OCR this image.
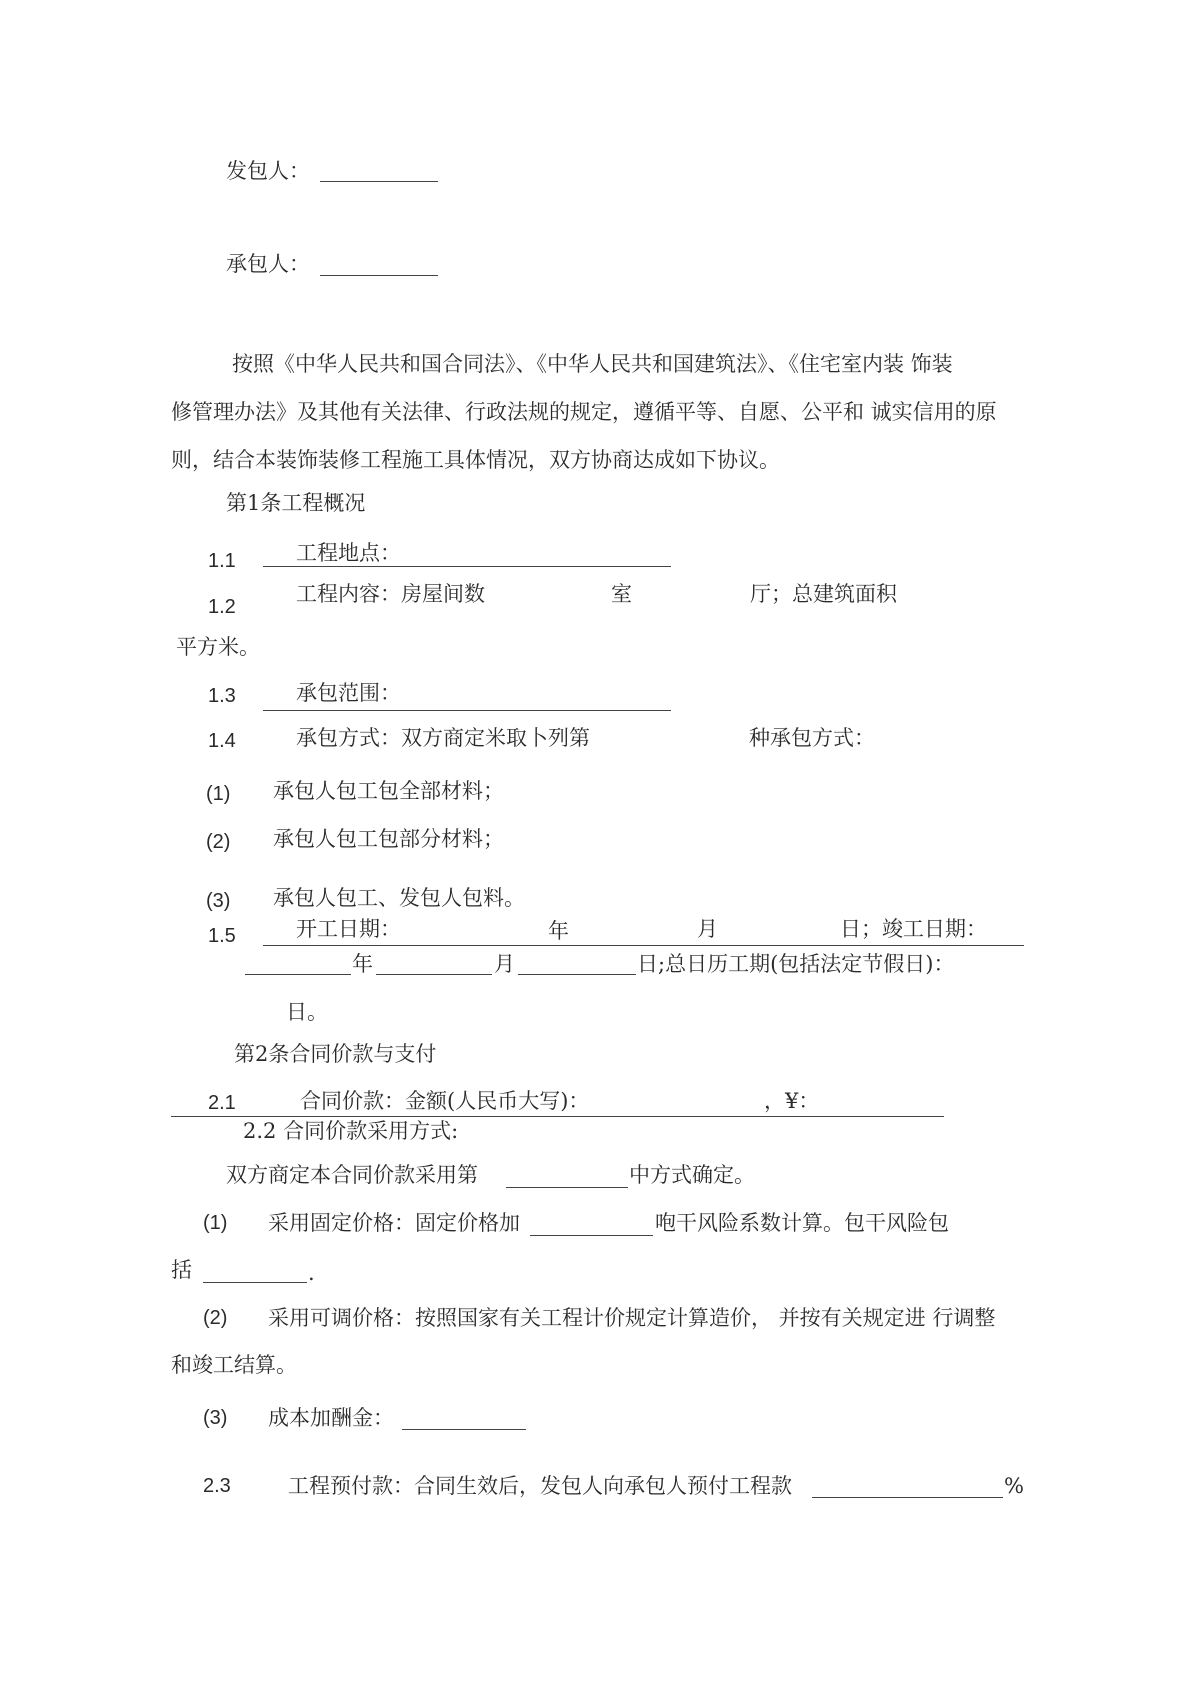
发包人：
承包人：
按照《中华人民共和国合同法》、《中华人民共和国建筑法》、《住宅室内装 饰装
修管理办法》及其他有关法律、行政法规的规定，遵循平等、自愿、公平和 诚实信用的原
则，结合本装饰装修工程施工具体情况，双方协商达成如下协议。
第1条工程概况
1.1	工程地点：
1.2
工程内容：房屋间数	室	厅；总建筑面积
平方米。
1.3	承包范围：
1.4	承包方式：双方商定米取卜列第	种承包方式：
(1) 承包人包工包全部材料；
(2) 承包人包工包部分材料；
(3) 承包人包工、发包人包料。
1.5	开工日期：	年	月	日；竣工日期：
年	月	日;总日历工期(包括法定节假日)：
日。
第2条合同价款与支付
2.1	合同价款：金额(人民币大写)：	，¥：
2.2 合同价款采用方式:
双方商定本合同价款采用第	中方式确定。
(1) 采用固定价格：固定价格加	咆干风险系数计算。包干风险包
括	.
(2) 采用可调价格：按照国家有关工程计价规定计算造价， 并按有关规定进 行调整
和竣工结算。
(3) 成本加酬金：
2.3	工程预付款：合同生效后，发包人向承包人预付工程款	%
